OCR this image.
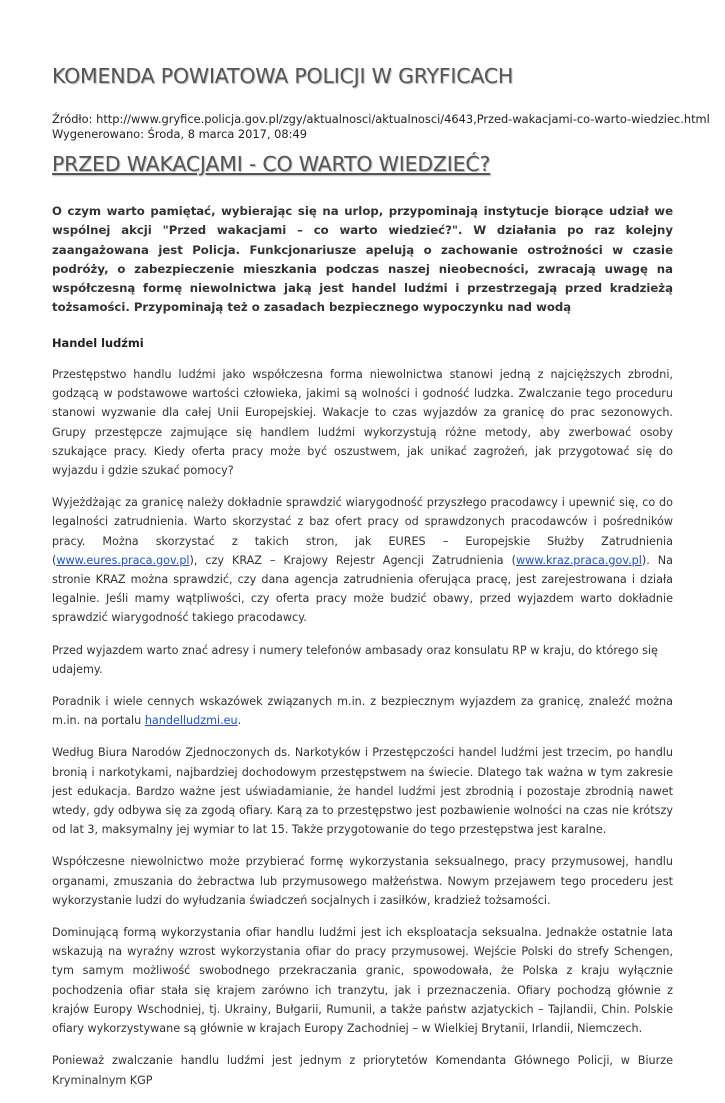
KOMENDA POWIATOWA POLICJI W GRYFICACH
Źródło: http://www.gryfice.policja.gov.pl/zgy/aktualnosci/aktualnosci/4643,Przed-wakacjami-co-warto-wiedziec.html
Wygenerowano: Środa, 8 marca 2017, 08:49
PRZED WAKACJAMI - CO WARTO WIEDZIEĆ?

O czym warto pamiętać, wybierając się na urlop, przypominają instytucje biorące udział we wspólnej akcji "Przed wakacjami – co warto wiedzieć?". W działania po raz kolejny zaangażowana jest Policja. Funkcjonariusze apelują o zachowanie ostrożności w czasie podróży, o zabezpieczenie mieszkania podczas naszej nieobecności, zwracają uwagę na współczesną formę niewolnictwa jaką jest handel ludźmi i przestrzegają przed kradzieżą tożsamości. Przypominają też o zasadach bezpiecznego wypoczynku nad wodą

Handel ludźmi

Przestępstwo handlu ludźmi jako współczesna forma niewolnictwa stanowi jedną z najcięższych zbrodni, godzącą w podstawowe wartości człowieka, jakimi są wolności i godność ludzka. Zwalczanie tego proceduru stanowi wyzwanie dla całej Unii Europejskiej. Wakacje to czas wyjazdów za granicę do prac sezonowych. Grupy przestępcze zajmujące się handlem ludźmi wykorzystują różne metody, aby zwerbować osoby szukające pracy. Kiedy oferta pracy może być oszustwem, jak unikać zagrożeń, jak przygotować się do wyjazdu i gdzie szukać pomocy?

Wyjeżdżając za granicę należy dokładnie sprawdzić wiarygodność przyszłego pracodawcy i upewnić się, co do legalności zatrudnienia. Warto skorzystać z baz ofert pracy od sprawdzonych pracodawców i pośredników pracy. Można skorzystać z takich stron, jak EURES – Europejskie Służby Zatrudnienia (www.eures.praca.gov.pl), czy KRAZ – Krajowy Rejestr Agencji Zatrudnienia (www.kraz.praca.gov.pl). Na stronie KRAZ można sprawdzić, czy dana agencja zatrudnienia oferująca pracę, jest zarejestrowana i działa legalnie. Jeśli mamy wątpliwości, czy oferta pracy może budzić obawy, przed wyjazdem warto dokładnie sprawdzić wiarygodność takiego pracodawcy.

Przed wyjazdem warto znać adresy i numery telefonów ambasady oraz konsulatu RP w kraju, do którego się udajemy.

Poradnik i wiele cennych wskazówek związanych m.in. z bezpiecznym wyjazdem za granicę, znaleźć można m.in. na portalu handelludzmi.eu.

Według Biura Narodów Zjednoczonych ds. Narkotyków i Przestępczości handel ludźmi jest trzecim, po handlu bronią i narkotykami, najbardziej dochodowym przestępstwem na świecie. Dlatego tak ważna w tym zakresie jest edukacja. Bardzo ważne jest uświadamianie, że handel ludźmi jest zbrodnią i pozostaje zbrodnią nawet wtedy, gdy odbywa się za zgodą ofiary. Karą za to przestępstwo jest pozbawienie wolności na czas nie krótszy od lat 3, maksymalny jej wymiar to lat 15. Także przygotowanie do tego przestępstwa jest karalne.

Współczesne niewolnictwo może przybierać formę wykorzystania seksualnego, pracy przymusowej, handlu organami, zmuszania do żebractwa lub przymusowego małżeństwa. Nowym przejawem tego procederu jest wykorzystanie ludzi do wyłudzania świadczeń socjalnych i zasiłków, kradzież tożsamości.

Dominującą formą wykorzystania ofiar handlu ludźmi jest ich eksploatacja seksualna. Jednakże ostatnie lata wskazują na wyraźny wzrost wykorzystania ofiar do pracy przymusowej. Wejście Polski do strefy Schengen, tym samym możliwość swobodnego przekraczania granic, spowodowała, że Polska z kraju wyłącznie pochodzenia ofiar stała się krajem zarówno ich tranzytu, jak i przeznaczenia. Ofiary pochodzą głównie z krajów Europy Wschodniej, tj. Ukrainy, Bułgarii, Rumunii, a także państw azjatyckich – Tajlandii, Chin. Polskie ofiary wykorzystywane są głównie w krajach Europy Zachodniej – w Wielkiej Brytanii, Irlandii, Niemczech.

Ponieważ zwalczanie handlu ludźmi jest jednym z priorytetów Komendanta Głównego Policji, w Biurze Kryminalnym KGP
